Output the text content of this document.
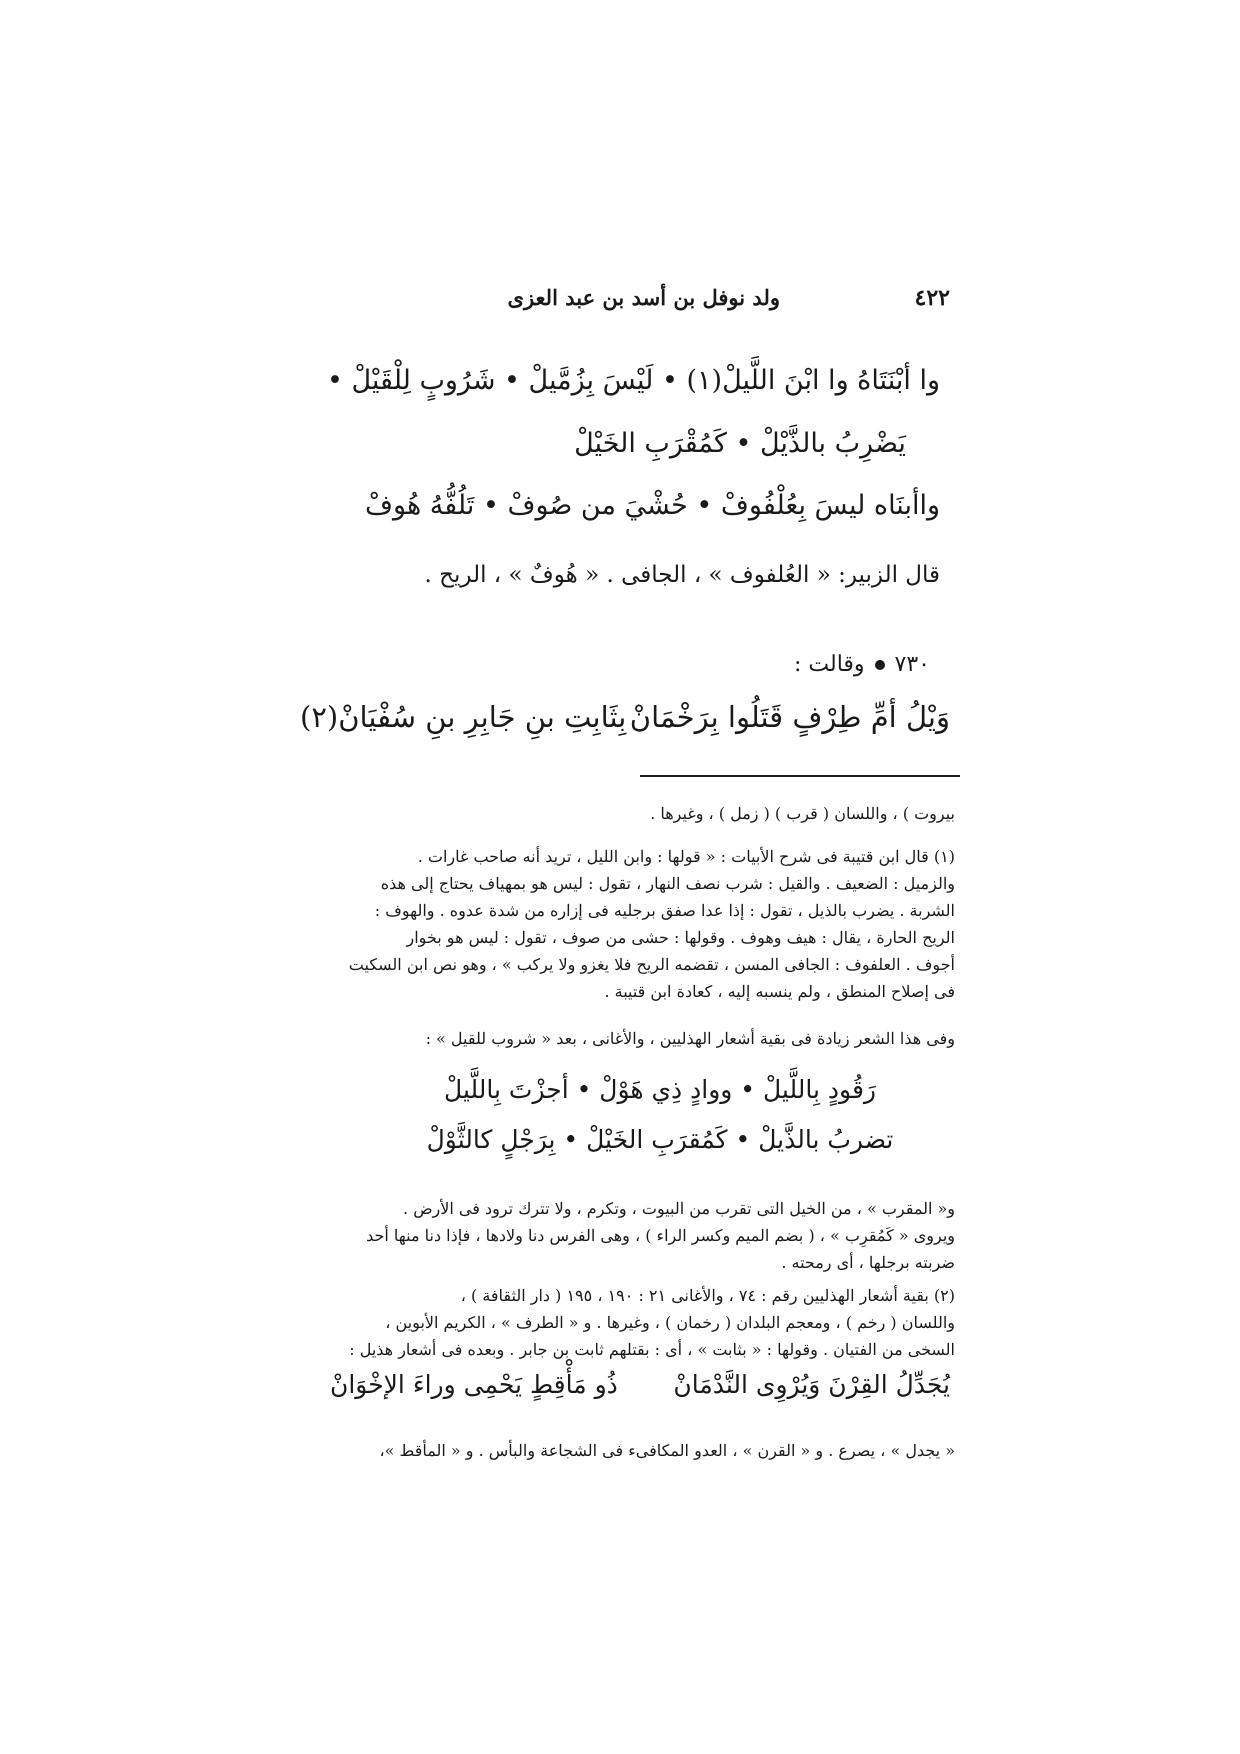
٤٢٢
ولد نوفل بن أسد بن عبد العزى
وا أبْنَتَاهُ وا ابْنَ اللَّيلْ(١) • لَيْسَ بِزُمَّيلْ • شَرُوبٍ لِلْقَيْلْ •
يَضْرِبُ بالذَّيْلْ • كَمُقْرَبِ الخَيْلْ
واأبنَاه ليسَ بِعُلْفُوفْ • حُشْيَ من صُوفْ • تَلُفُّهُ هُوفْ
قال الزبير: « العُلفوف » ، الجافى . « هُوفٌ » ، الريح .
٧٣٠وقالت :
وَيْلُ أمِّ طِرْفٍ قَتَلُوا بِرَخْمَانْ
بِثَابِتِ بنِ جَابِرِ بنِ سُفْيَانْ(٢)
بيروت ) ، واللسان ( قرب ) ( زمل ) ، وغيرها .
(١) قال ابن قتيبة فى شرح الأبيات : « قولها : وابن الليل ، تريد أنه صاحب غارات .
والزميل : الضعيف . والقيل : شرب نصف النهار ، تقول : ليس هو بمهياف يحتاج إلى هذه
الشربة . يضرب بالذيل ، تقول : إذا عدا صفق برجليه فى إزاره من شدة عدوه . والهوف :
الريح الحارة ، يقال : هيف وهوف . وقولها : حشى من صوف ، تقول : ليس هو بخوار
أجوف . العلفوف : الجافى المسن ، تقضمه الريح فلا يغزو ولا يركب » ، وهو نص ابن السكيت
فى إصلاح المنطق ، ولم ينسبه إليه ، كعادة ابن قتيبة .
وفى هذا الشعر زيادة فى بقية أشعار الهذليين ، والأغانى ، بعد « شروب للقيل » :
رَقُودٍ بِاللَّيلْ • ووادٍ ذِي هَوْلْ • أجزْتَ بِاللَّيلْ
تضربُ بالذَّيلْ • كَمُقرَبِ الخَيْلْ • بِرَجْلٍ كالثَّوْلْ
و« المقرب » ، من الخيل التى تقرب من البيوت ، وتكرم ، ولا تترك ترود فى الأرض .
ويروى « كَمُقرِب » ، ( بضم الميم وكسر الراء ) ، وهى الفرس دنا ولادها ، فإذا دنا منها أحد
ضربته برجلها ، أى رمحته .
(٢) بقية أشعار الهذليين رقم : ٧٤ ، والأغانى ٢١ : ١٩٠ ، ١٩٥ ( دار الثقافة ) ،
واللسان ( رخم ) ، ومعجم البلدان ( رخمان ) ، وغيرها . و « الطرف » ، الكريم الأبوين ،
السخى من الفتيان . وقولها : « بثابت » ، أى : بقتلهم ثابت بن جابر . وبعده فى أشعار هذيل :
يُجَدِّلُ القِرْنَ وَيُرْوِى النَّدْمَانْ
ذُو مَأْقِطٍ يَحْمِى وراءَ الإخْوَانْ
« يجدل » ، يصرع . و « القرن » ، العدو المكافىء فى الشجاعة والبأس . و « المأقط »،
